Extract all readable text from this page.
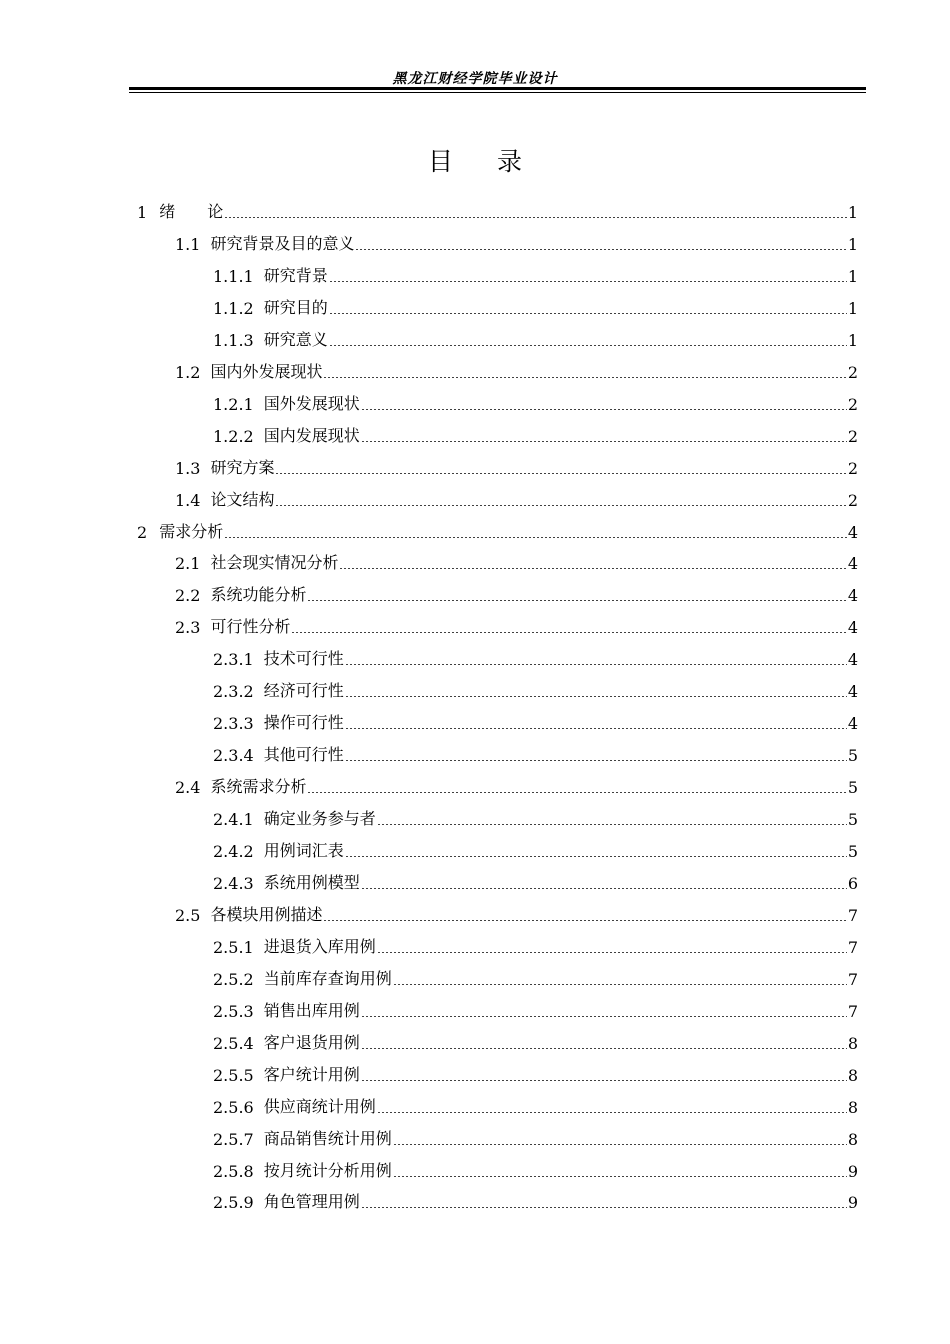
黑龙江财经学院毕业设计
目录
1 绪　　论	1
1.1 研究背景及目的意义	1
1.1.1 研究背景	1
1.1.2 研究目的	1
1.1.3 研究意义	1
1.2 国内外发展现状	2
1.2.1 国外发展现状	2
1.2.2 国内发展现状	2
1.3 研究方案	2
1.4 论文结构	2
2 需求分析	4
2.1 社会现实情况分析	4
2.2 系统功能分析	4
2.3 可行性分析	4
2.3.1 技术可行性	4
2.3.2 经济可行性	4
2.3.3 操作可行性	4
2.3.4 其他可行性	5
2.4 系统需求分析	5
2.4.1 确定业务参与者	5
2.4.2 用例词汇表	5
2.4.3 系统用例模型	6
2.5 各模块用例描述	7
2.5.1 进退货入库用例	7
2.5.2 当前库存查询用例	7
2.5.3 销售出库用例	7
2.5.4 客户退货用例	8
2.5.5 客户统计用例	8
2.5.6 供应商统计用例	8
2.5.7 商品销售统计用例	8
2.5.8 按月统计分析用例	9
2.5.9 角色管理用例	9
